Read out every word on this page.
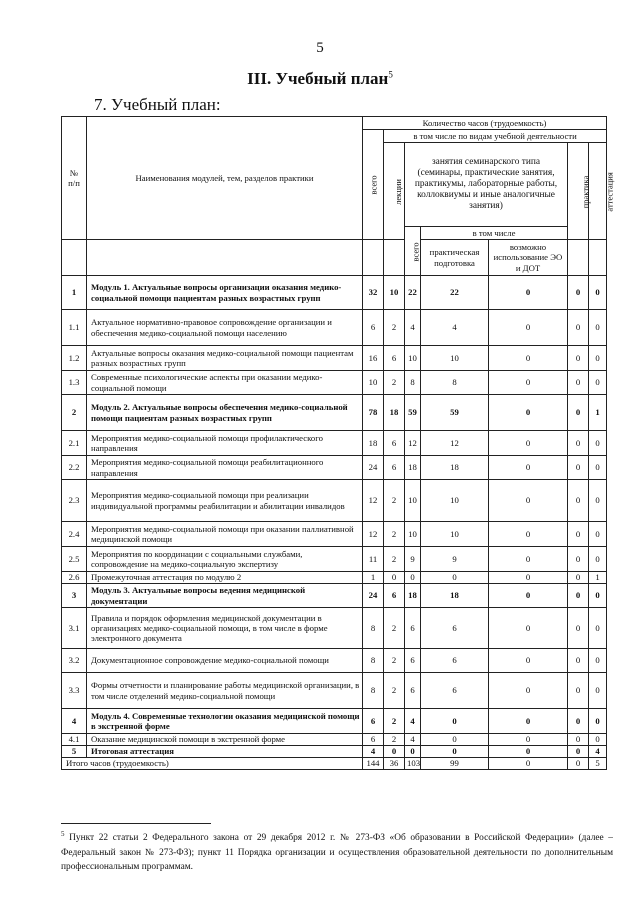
5
III. Учебный план$^5$
7. Учебный план:
№
п/п	Наименования модулей, тем, разделов практики	Количество часов (трудоемкость)						
		всего	в том числе по видам учебной деятельности					
			лекции	занятия семинарского типа (семинары, практические занятия, практикумы, лабораторные работы, коллоквиумы и иные аналогичные занятия)			практика	аттестация
				всего	в том числе			
					практическая подготовка	возможно использование ЭО и ДОТ		
1	Модуль 1. Актуальные вопросы организации оказания медико-социальной помощи пациентам разных возрастных групп	32	10	22	22	0	0	0
1.1	Актуальное нормативно-правовое сопровождение организации и обеспечения медико-социальной помощи населению	6	2	4	4	0	0	0
1.2	Актуальные вопросы оказания медико-социальной помощи пациентам разных возрастных групп	16	6	10	10	0	0	0
1.3	Современные психологические аспекты при оказании медико-социальной помощи	10	2	8	8	0	0	0
2	Модуль 2. Актуальные вопросы обеспечения медико-социальной помощи пациентам разных возрастных групп	78	18	59	59	0	0	1
2.1	Мероприятия медико-социальной помощи профилактического направления	18	6	12	12	0	0	0
2.2	Мероприятия медико-социальной помощи реабилитационного направления	24	6	18	18	0	0	0
2.3	Мероприятия медико-социальной помощи при реализации индивидуальной программы реабилитации и абилитации инвалидов	12	2	10	10	0	0	0
2.4	Мероприятия медико-социальной помощи при оказании паллиативной медицинской помощи	12	2	10	10	0	0	0
2.5	Мероприятия по координации с социальными службами, сопровождение на медико-социальную экспертизу	11	2	9	9	0	0	0
2.6	Промежуточная аттестация по модулю 2	1	0	0	0	0	0	1
3	Модуль 3. Актуальные вопросы ведения медицинской документации	24	6	18	18	0	0	0
3.1	Правила и порядок оформления медицинской документации в организациях медико-социальной помощи, в том числе в форме электронного документа	8	2	6	6	0	0	0
3.2	Документационное сопровождение медико-социальной помощи	8	2	6	6	0	0	0
3.3	Формы отчетности и планирование работы медицинской организации, в том числе отделений медико-социальной помощи	8	2	6	6	0	0	0
4	Модуль 4. Современные технологии оказания медицинской помощи в экстренной форме	6	2	4	0	0	0	0
4.1	Оказание медицинской помощи в экстренной форме	6	2	4	0	0	0	0
5	Итоговая аттестация	4	0	0	0	0	0	4
Итого часов (трудоемкость)		144	36	103	99	0	0	5
$^5$ Пункт 22 статьи 2 Федерального закона от 29 декабря 2012 г. № 273-ФЗ «Об образовании в Российской Федерации» (далее – Федеральный закон № 273-ФЗ); пункт 11 Порядка организации и осуществления образовательной деятельности по дополнительным профессиональным программам.
